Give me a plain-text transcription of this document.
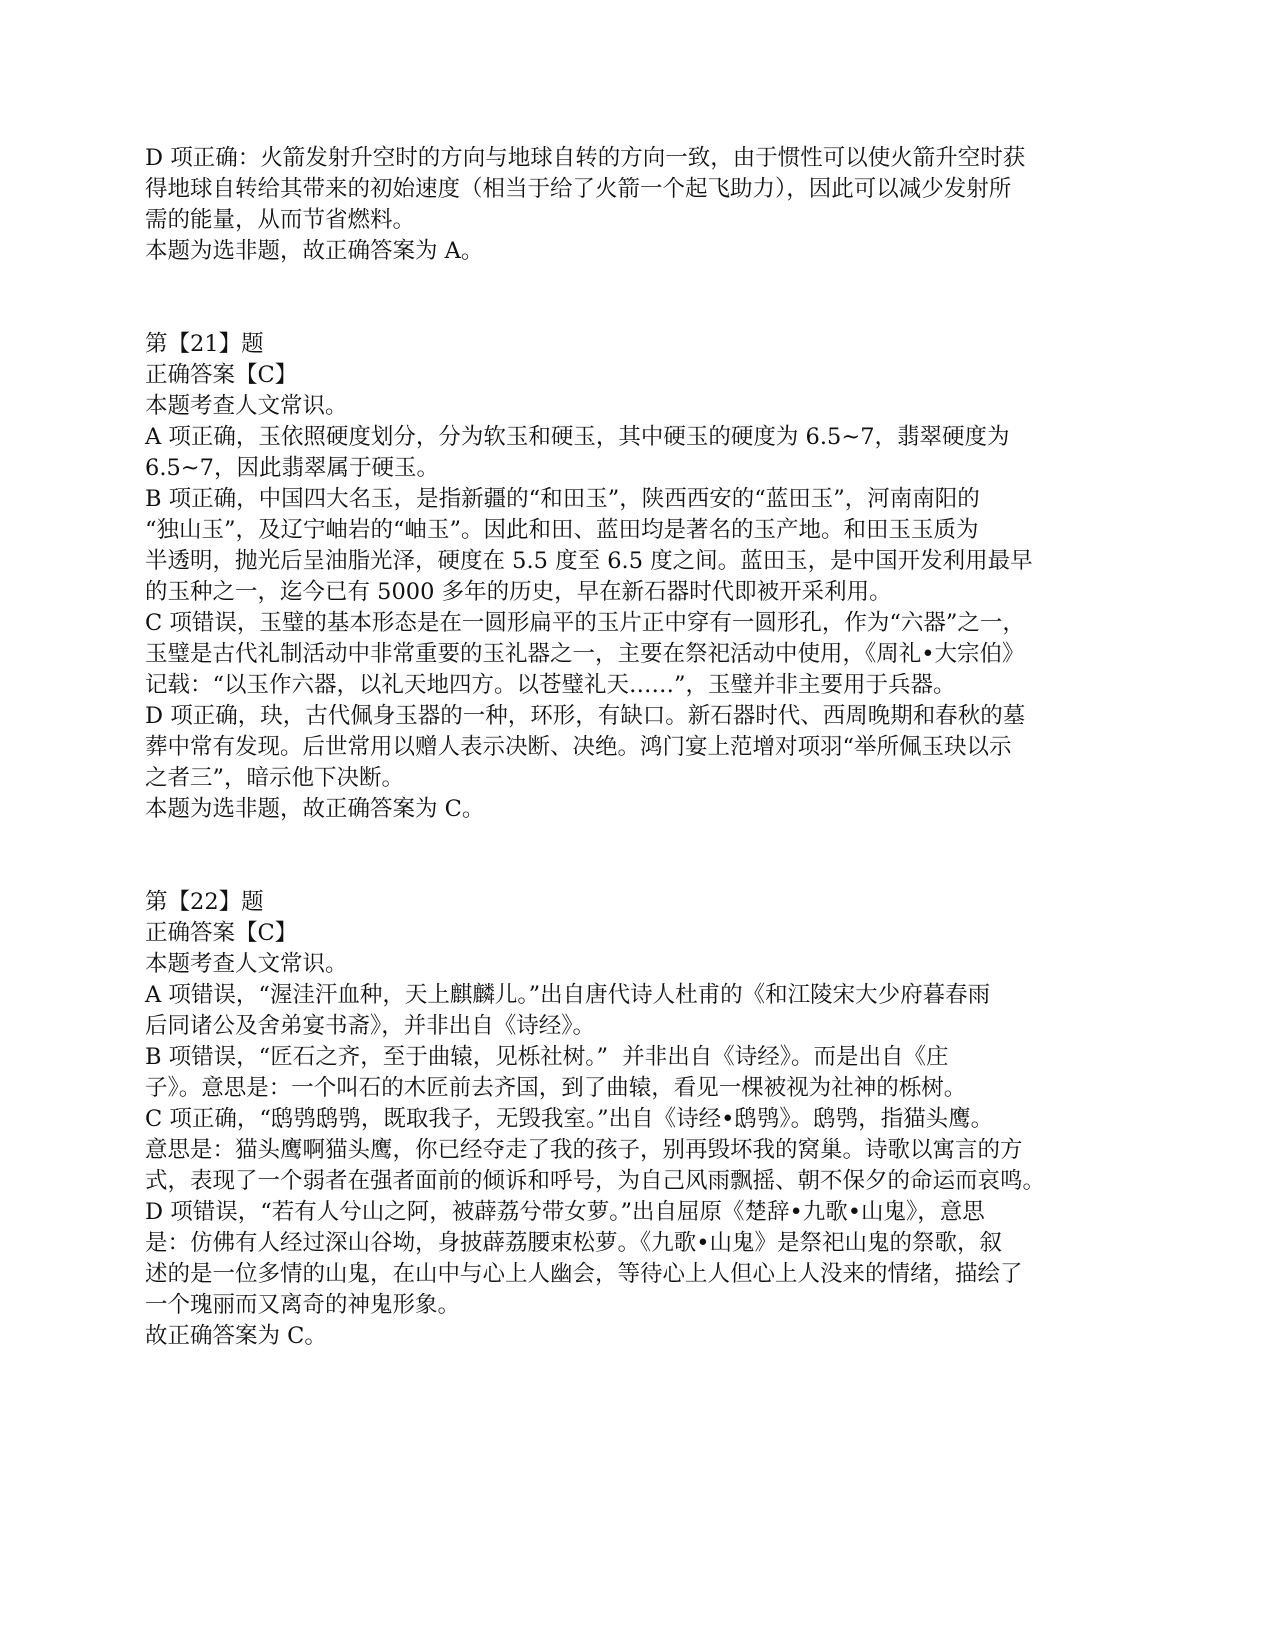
D 项正确：火箭发射升空时的方向与地球自转的方向一致，由于惯性可以使火箭升空时获
得地球自转给其带来的初始速度（相当于给了火箭一个起飞助力），因此可以减少发射所
需的能量，从而节省燃料。
本题为选非题，故正确答案为 A。
第【21】题
正确答案【C】
本题考查人文常识。
A 项正确，玉依照硬度划分，分为软玉和硬玉，其中硬玉的硬度为 6.5~7，翡翠硬度为
6.5~7，因此翡翠属于硬玉。
B 项正确，中国四大名玉，是指新疆的“和田玉”，陕西西安的“蓝田玉”，河南南阳的
“独山玉”，及辽宁岫岩的“岫玉”。因此和田、蓝田均是著名的玉产地。和田玉玉质为
半透明，抛光后呈油脂光泽，硬度在 5.5 度至 6.5 度之间。蓝田玉，是中国开发利用最早
的玉种之一，迄今已有 5000 多年的历史，早在新石器时代即被开采利用。
C 项错误，玉璧的基本形态是在一圆形扁平的玉片正中穿有一圆形孔，作为“六器”之一，
玉璧是古代礼制活动中非常重要的玉礼器之一，主要在祭祀活动中使用，《周礼•大宗伯》
记载：“以玉作六器，以礼天地四方。以苍璧礼天……”，玉璧并非主要用于兵器。
D 项正确，玦，古代佩身玉器的一种，环形，有缺口。新石器时代、西周晚期和春秋的墓
葬中常有发现。后世常用以赠人表示决断、决绝。鸿门宴上范增对项羽“举所佩玉玦以示
之者三”，暗示他下决断。
本题为选非题，故正确答案为 C。
第【22】题
正确答案【C】
本题考查人文常识。
A 项错误，“渥洼汗血种，天上麒麟儿。”出自唐代诗人杜甫的《和江陵宋大少府暮春雨
后同诸公及舍弟宴书斋》，并非出自《诗经》。
B 项错误，“匠石之齐，至于曲辕，见栎社树。”  并非出自《诗经》。而是出自《庄
子》。意思是：一个叫石的木匠前去齐国，到了曲辕，看见一棵被视为社神的栎树。
C 项正确，“鸱鸮鸱鸮，既取我子，无毁我室。”出自《诗经•鸱鸮》。鸱鸮，指猫头鹰。
意思是：猫头鹰啊猫头鹰，你已经夺走了我的孩子，别再毁坏我的窝巢。诗歌以寓言的方
式，表现了一个弱者在强者面前的倾诉和呼号，为自己风雨飘摇、朝不保夕的命运而哀鸣。
D 项错误，“若有人兮山之阿，被薜荔兮带女萝。”出自屈原《楚辞•九歌•山鬼》，意思
是：仿佛有人经过深山谷坳，身披薜荔腰束松萝。《九歌•山鬼》是祭祀山鬼的祭歌，叙
述的是一位多情的山鬼，在山中与心上人幽会，等待心上人但心上人没来的情绪，描绘了
一个瑰丽而又离奇的神鬼形象。
故正确答案为 C。
